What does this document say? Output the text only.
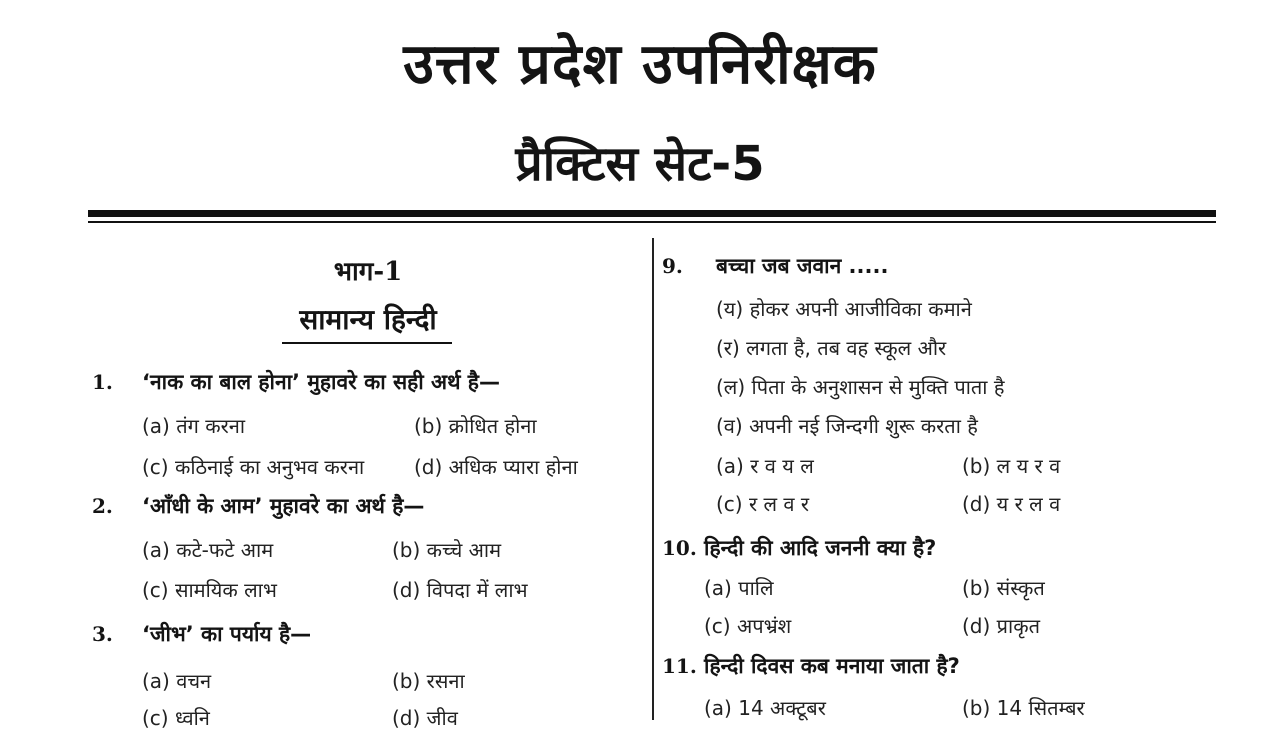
उत्तर प्रदेश उपनिरीक्षक
प्रैक्टिस सेट-5
भाग-1
सामान्य हिन्दी
1. ‘नाक का बाल होना’ मुहावरे का सही अर्थ है—
(a) तंग करना	(b) क्रोधित होना
(c) कठिनाई का अनुभव करना (d) अधिक प्यारा होना
2. ‘आँधी के आम’ मुहावरे का अर्थ है—
(a) कटे-फटे आम	(b) कच्चे आम
(c) सामयिक लाभ	(d) विपदा में लाभ
3. ‘जीभ’ का पर्याय है—
(a) वचन	(b) रसना
(c) ध्वनि	(d) जीव
9. बच्चा जब जवान .....
(य) होकर अपनी आजीविका कमाने
(र) लगता है, तब वह स्कूल और
(ल) पिता के अनुशासन से मुक्ति पाता है
(व) अपनी नई जिन्दगी शुरू करता है
(a) र व य ल	(b) ल य र व
(c) र ल व र	(d) य र ल व
10. हिन्दी की आदि जननी क्या है?
(a) पालि	(b) संस्कृत
(c) अपभ्रंश	(d) प्राकृत
11. हिन्दी दिवस कब मनाया जाता है?
(a) 14 अक्टूबर	(b) 14 सितम्बर
